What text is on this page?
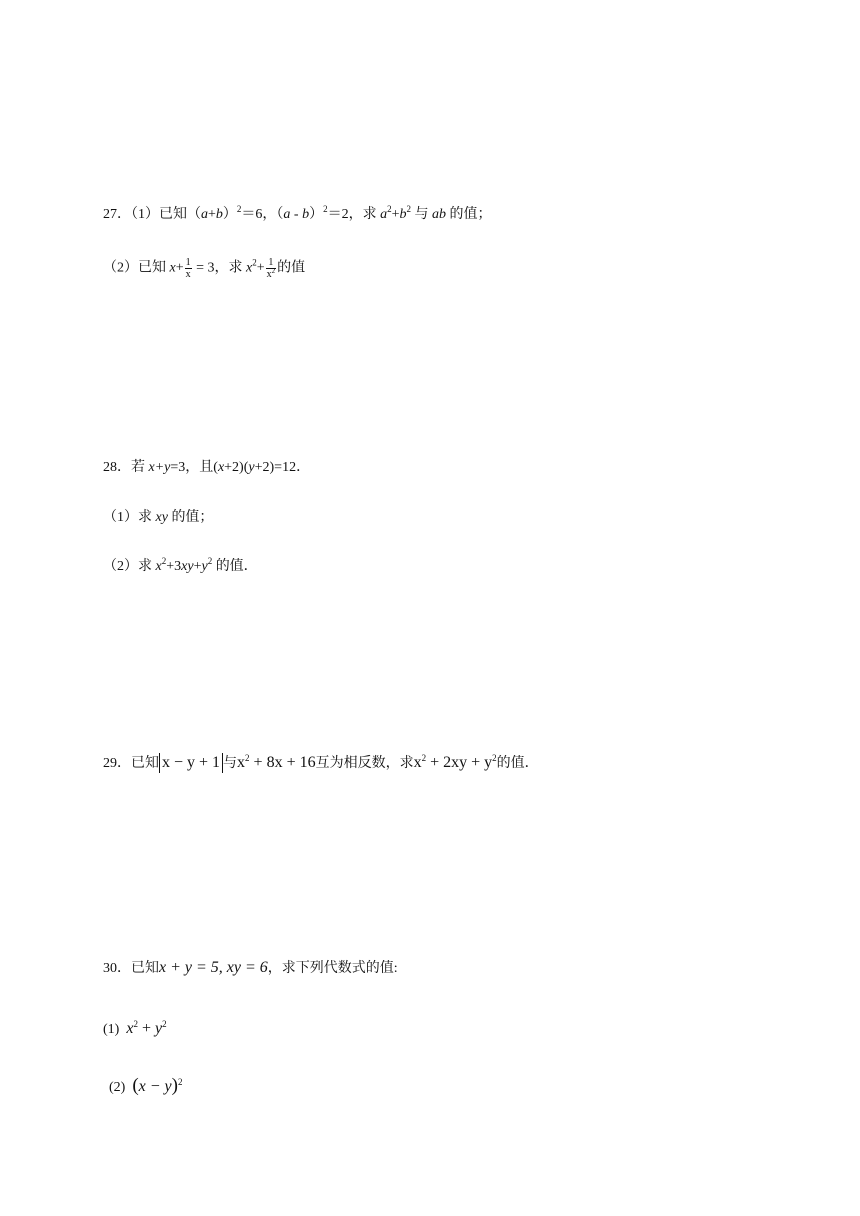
27．（1）已知$(a+b)^2=6$，（a - b）$^2$＝2，求 $a^2+b^2$ 与 ab 的值；
（2）已知 $x+ \frac{1}{x} = 3$，求 $x^2+ \frac{1}{x^2}$ 的值
28．若 x+y=3，且(x+2)(y+2)=12．
（1）求 xy 的值；
（2）求 $x^2+3xy+y^2$ 的值．
29．已知 x − y + 1 与$x^2 + 8x + 16$互为相反数，求$x^2 + 2xy + y^2$的值．
30．已知x + y = 5, xy = 6，求下列代数式的值:
(1) $x^2 + y^2$
(2) $(x - y)^2$
